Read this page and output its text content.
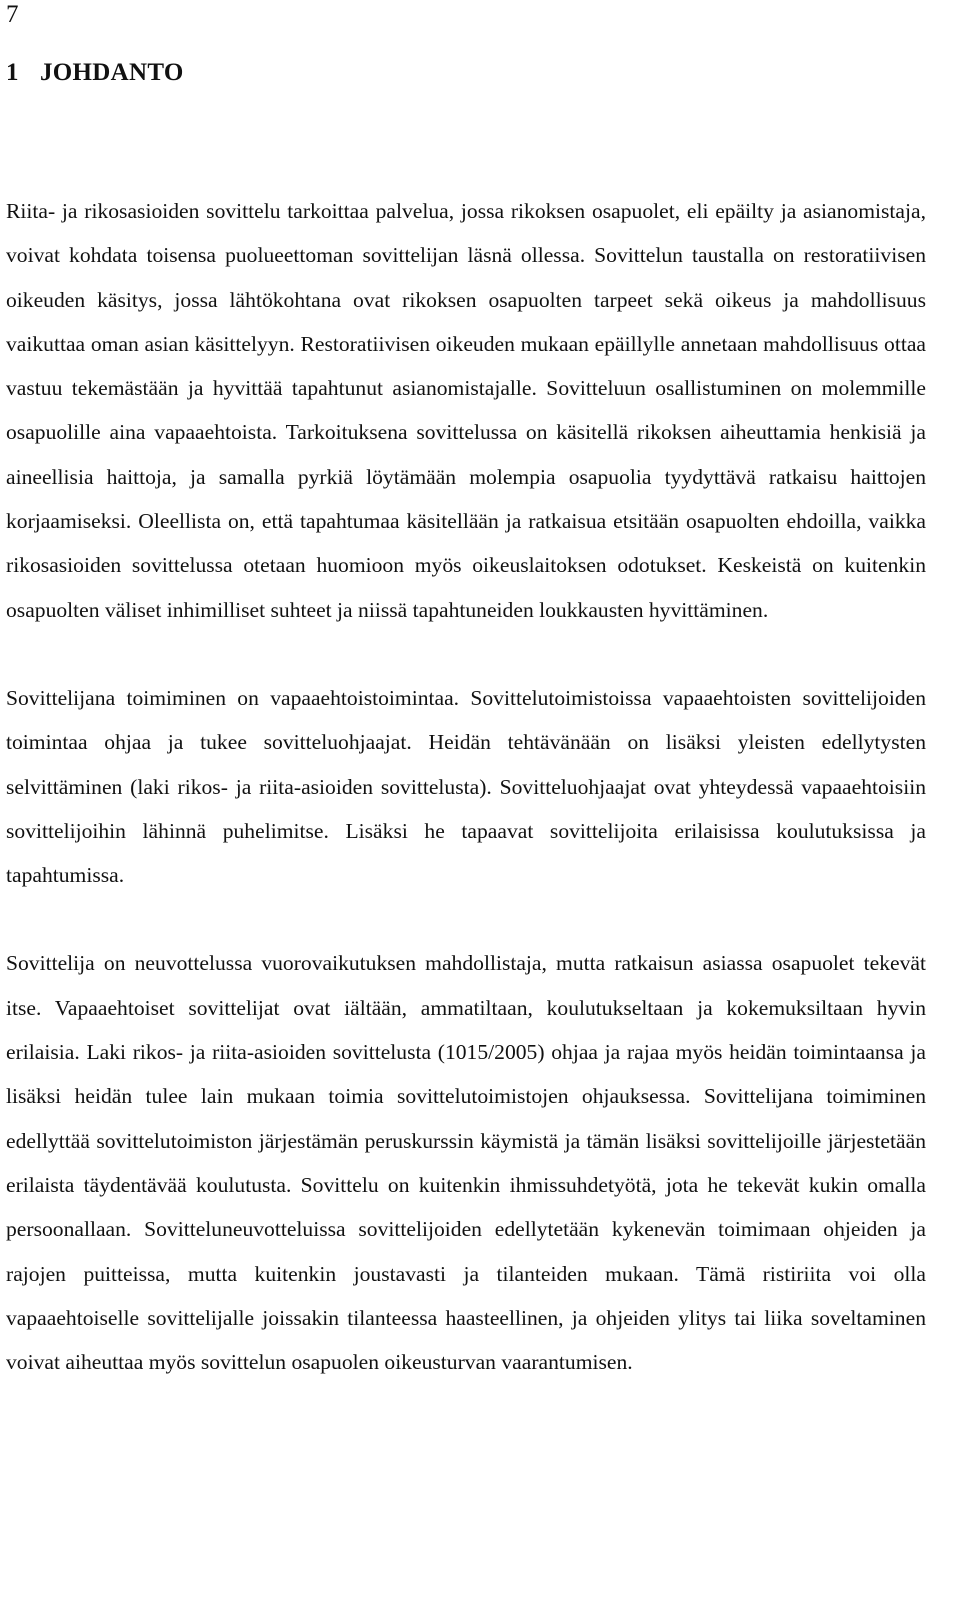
7
1 JOHDANTO

Riita- ja rikosasioiden sovittelu tarkoittaa palvelua, jossa rikoksen osapuolet, eli epäilty ja asianomistaja, voivat kohdata toisensa puolueettoman sovittelijan läsnä ollessa. Sovittelun taustalla on restoratiivisen oikeuden käsitys, jossa lähtökohtana ovat rikoksen osapuolten tarpeet sekä oikeus ja mahdollisuus vaikuttaa oman asian käsittelyyn. Restoratiivisen oikeuden mukaan epäillylle annetaan mahdollisuus ottaa vastuu tekemästään ja hyvittää tapahtunut asianomistajalle. Sovitteluun osallistuminen on molemmille osapuolille aina vapaaehtoista. Tarkoituksena sovittelussa on käsitellä rikoksen aiheuttamia henkisiä ja aineellisia haittoja, ja samalla pyrkiä löytämään molempia osapuolia tyydyttävä ratkaisu haittojen korjaamiseksi. Oleellista on, että tapahtumaa käsitellään ja ratkaisua etsitään osapuolten ehdoilla, vaikka rikosasioiden sovittelussa otetaan huomioon myös oikeuslaitoksen odotukset. Keskeistä on kuitenkin osapuolten väliset inhimilliset suhteet ja niissä tapahtuneiden loukkausten hyvittäminen.

Sovittelijana toimiminen on vapaaehtoistoimintaa. Sovittelutoimistoissa vapaaehtoisten sovittelijoiden toimintaa ohjaa ja tukee sovitteluohjaajat. Heidän tehtävänään on lisäksi yleisten edellytysten selvittäminen (laki rikos- ja riita-asioiden sovittelusta). Sovitteluohjaajat ovat yhteydessä vapaaehtoisiin sovittelijoihin lähinnä puhelimitse. Lisäksi he tapaavat sovittelijoita erilaisissa koulutuksissa ja tapahtumissa.

Sovittelija on neuvottelussa vuorovaikutuksen mahdollistaja, mutta ratkaisun asiassa osapuolet tekevät itse. Vapaaehtoiset sovittelijat ovat iältään, ammatiltaan, koulutukseltaan ja kokemuksiltaan hyvin erilaisia. Laki rikos- ja riita-asioiden sovittelusta (1015/2005) ohjaa ja rajaa myös heidän toimintaansa ja lisäksi heidän tulee lain mukaan toimia sovittelutoimistojen ohjauksessa. Sovittelijana toimiminen edellyttää sovittelutoimiston järjestämän peruskurssin käymistä ja tämän lisäksi sovittelijoille järjestetään erilaista täydentävää koulutusta. Sovittelu on kuitenkin ihmissuhdetyötä, jota he tekevät kukin omalla persoonallaan. Sovitteluneuvotteluissa sovittelijoiden edellytetään kykenevän toimimaan ohjeiden ja rajojen puitteissa, mutta kuitenkin joustavasti ja tilanteiden mukaan. Tämä ristiriita voi olla vapaaehtoiselle sovittelijalle joissakin tilanteessa haasteellinen, ja ohjeiden ylitys tai liika soveltaminen voivat aiheuttaa myös sovittelun osapuolen oikeusturvan vaarantumisen.
